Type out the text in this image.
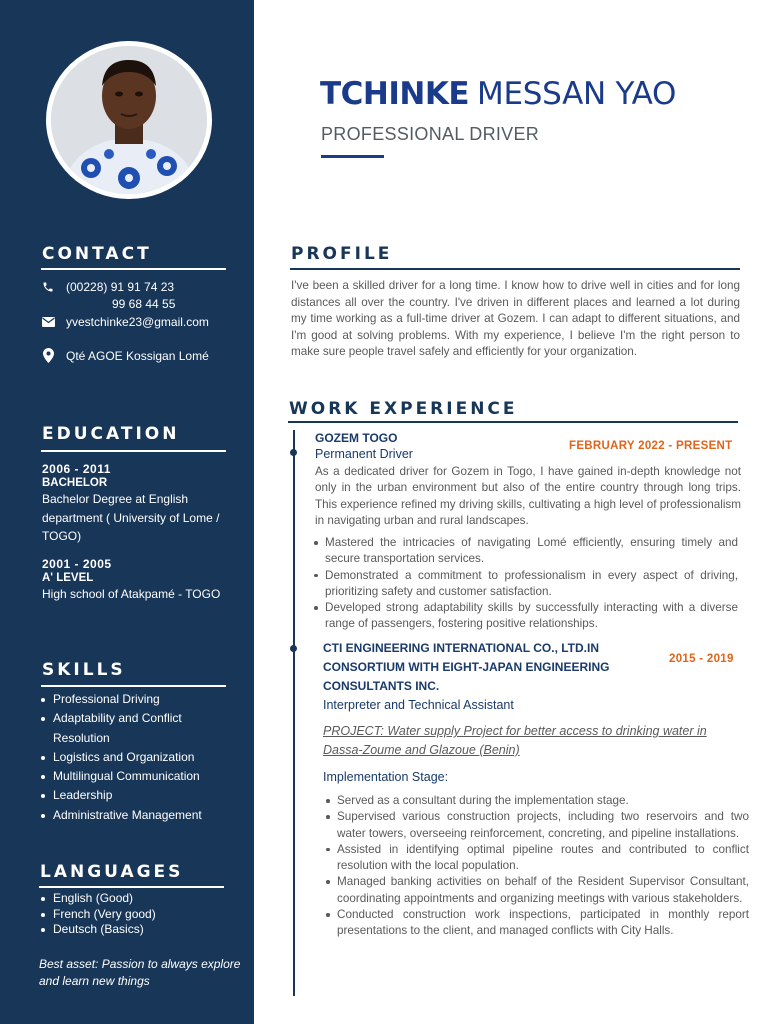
CONTACT
(00228) 91 91 74 23
99 68 44 55
yvestchinke23@gmail.com
Qté AGOE Kossigan Lomé
EDUCATION
2006 - 2011
BACHELOR
Bachelor Degree at English department ( University of Lome / TOGO)
2001 - 2005
A' LEVEL
High school of Atakpamé - TOGO
SKILLS
Professional Driving
Adaptability and Conflict Resolution
Logistics and Organization
Multilingual Communication
Leadership
Administrative Management
LANGUAGES
English (Good)
French (Very good)
Deutsch (Basics)
Best asset: Passion to always explore and learn new things
TCHINKE MESSAN YAO
PROFESSIONAL DRIVER
PROFILE
I've been a skilled driver for a long time. I know how to drive well in cities and for long distances all over the country. I've driven in different places and learned a lot during my time working as a full-time driver at Gozem. I can adapt to different situations, and I'm good at solving problems. With my experience, I believe I'm the right person to make sure people travel safely and efficiently for your organization.
WORK EXPERIENCE
GOZEM TOGO
Permanent Driver
FEBRUARY 2022 - PRESENT
As a dedicated driver for Gozem in Togo, I have gained in-depth knowledge not only in the urban environment but also of the entire country through long trips. This experience refined my driving skills, cultivating a high level of professionalism in navigating urban and rural landscapes.
Mastered the intricacies of navigating Lomé efficiently, ensuring timely and secure transportation services.
Demonstrated a commitment to professionalism in every aspect of driving, prioritizing safety and customer satisfaction.
Developed strong adaptability skills by successfully interacting with a diverse range of passengers, fostering positive relationships.
CTI ENGINEERING INTERNATIONAL CO., LTD.IN CONSORTIUM WITH EIGHT-JAPAN ENGINEERING CONSULTANTS INC.
2015 - 2019
Interpreter and Technical Assistant
PROJECT: Water supply Project for better access to drinking water in Dassa-Zoume and Glazoue (Benin)
Implementation Stage:
Served as a consultant during the implementation stage.
Supervised various construction projects, including two reservoirs and two water towers, overseeing reinforcement, concreting, and pipeline installations.
Assisted in identifying optimal pipeline routes and contributed to conflict resolution with the local population.
Managed banking activities on behalf of the Resident Supervisor Consultant, coordinating appointments and organizing meetings with various stakeholders.
Conducted construction work inspections, participated in monthly report presentations to the client, and managed conflicts with City Halls.
